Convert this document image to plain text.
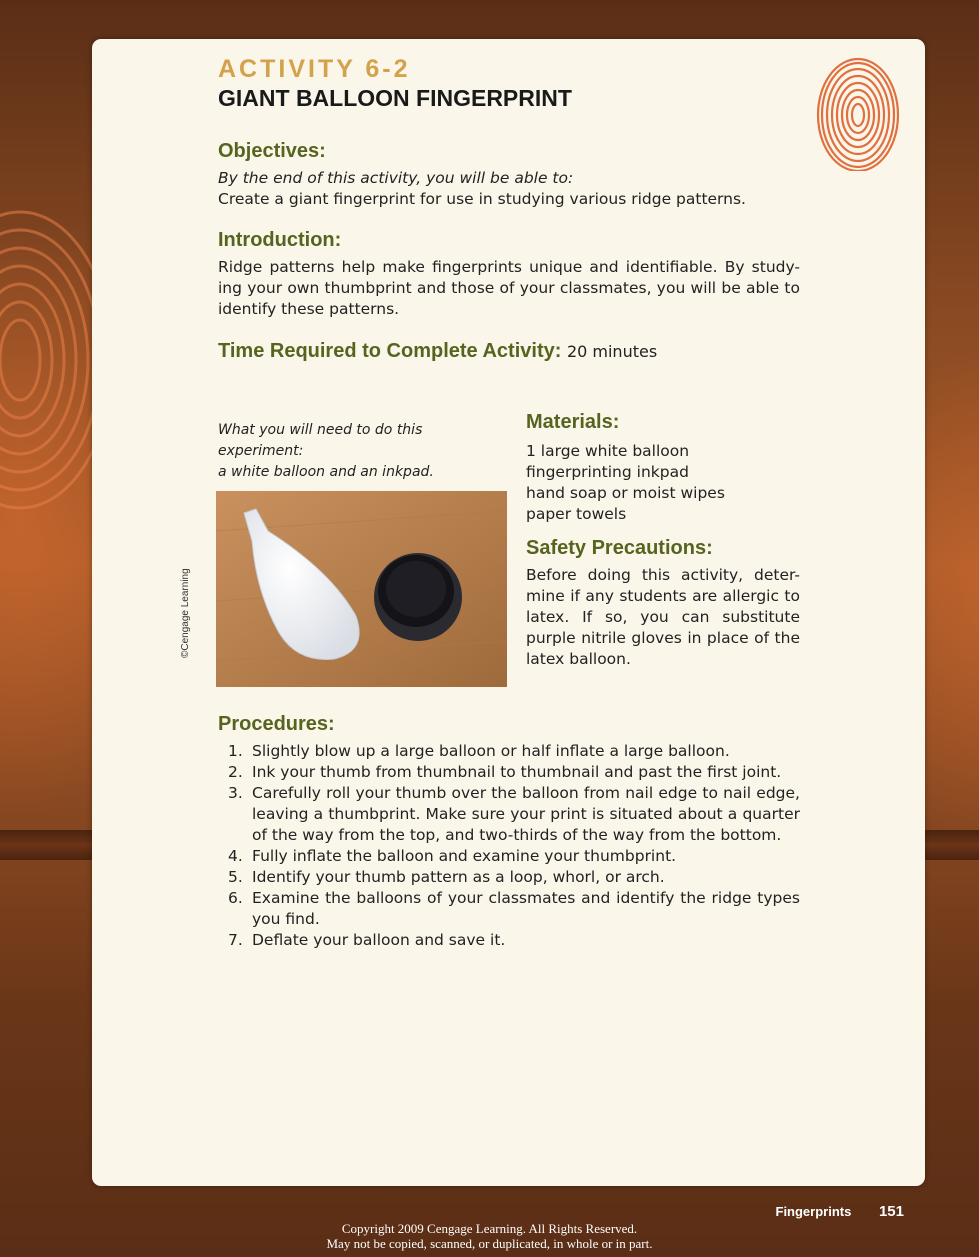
ACTIVITY 6-2

GIANT BALLOON FINGERPRINT

Objectives:

By the end of this activity, you will be able to:

Create a giant fingerprint for use in studying various ridge patterns.

Introduction:

Ridge patterns help make fingerprints unique and identifiable. By study-ing your own thumbprint and those of your classmates, you will be able to identify these patterns.

Time Required to Complete Activity: 20 minutes

What you will need to do this experiment:

a white balloon and an inkpad.

©Cengage Learning

Materials:

1 large white balloon

fingerprinting inkpad

hand soap or moist wipes

paper towels

Safety Precautions:

Before doing this activity, deter-mine if any students are allergic to latex. If so, you can substitute purple nitrile gloves in place of the latex balloon.

Procedures:

1. Slightly blow up a large balloon or half inflate a large balloon.
2. Ink your thumb from thumbnail to thumbnail and past the first joint.
3. Carefully roll your thumb over the balloon from nail edge to nail edge, leaving a thumbprint. Make sure your print is situated about a quarter of the way from the top, and two-thirds of the way from the bottom.
4. Fully inflate the balloon and examine your thumbprint.
5. Identify your thumb pattern as a loop, whorl, or arch.
6. Examine the balloons of your classmates and identify the ridge types you find.
7. Deflate your balloon and save it.
Fingerprints 151
Copyright 2009 Cengage Learning. All Rights Reserved.
May not be copied, scanned, or duplicated, in whole or in part.
